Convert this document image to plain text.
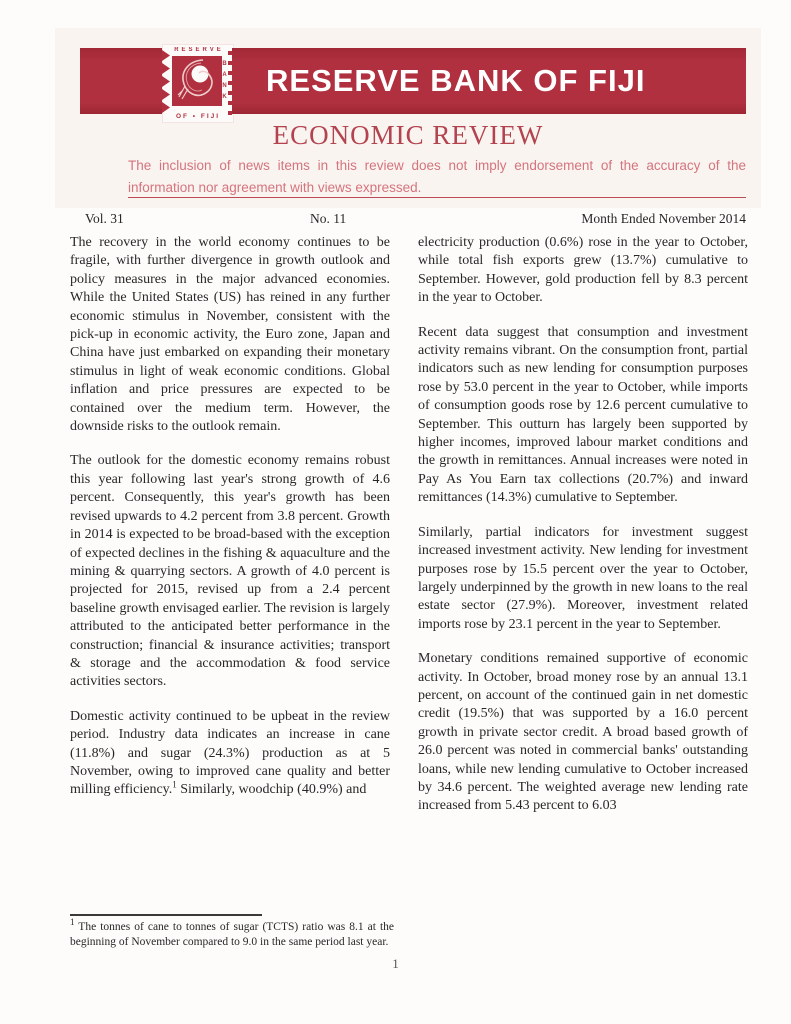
RESERVE
BANK
OF • FIJI
RESERVE BANK OF FIJI
ECONOMIC REVIEW
The inclusion of news items in this review does not imply endorsement of the accuracy of the information nor agreement with views expressed.
Vol. 31	No. 11	Month Ended November 2014

The recovery in the world economy continues to be fragile, with further divergence in growth outlook and policy measures in the major advanced economies. While the United States (US) has reined in any further economic stimulus in November, consistent with the pick-up in economic activity, the Euro zone, Japan and China have just embarked on expanding their monetary stimulus in light of weak economic conditions. Global inflation and price pressures are expected to be contained over the medium term. However, the downside risks to the outlook remain.

The outlook for the domestic economy remains robust this year following last year's strong growth of 4.6 percent. Consequently, this year's growth has been revised upwards to 4.2 percent from 3.8 percent. Growth in 2014 is expected to be broad-based with the exception of expected declines in the fishing & aquaculture and the mining & quarrying sectors. A growth of 4.0 percent is projected for 2015, revised up from a 2.4 percent baseline growth envisaged earlier. The revision is largely attributed to the anticipated better performance in the construction; financial & insurance activities; transport & storage and the accommodation & food service activities sectors.

Domestic activity continued to be upbeat in the review period. Industry data indicates an increase in cane (11.8%) and sugar (24.3%) production as at 5 November, owing to improved cane quality and better milling efficiency.$^1$ Similarly, woodchip (40.9%) and

electricity production (0.6%) rose in the year to October, while total fish exports grew (13.7%) cumulative to September. However, gold production fell by 8.3 percent in the year to October.

Recent data suggest that consumption and investment activity remains vibrant. On the consumption front, partial indicators such as new lending for consumption purposes rose by 53.0 percent in the year to October, while imports of consumption goods rose by 12.6 percent cumulative to September. This outturn has largely been supported by higher incomes, improved labour market conditions and the growth in remittances. Annual increases were noted in Pay As You Earn tax collections (20.7%) and inward remittances (14.3%) cumulative to September.

Similarly, partial indicators for investment suggest increased investment activity. New lending for investment purposes rose by 15.5 percent over the year to October, largely underpinned by the growth in new loans to the real estate sector (27.9%). Moreover, investment related imports rose by 23.1 percent in the year to September.

Monetary conditions remained supportive of economic activity. In October, broad money rose by an annual 13.1 percent, on account of the continued gain in net domestic credit (19.5%) that was supported by a 16.0 percent growth in private sector credit. A broad based growth of 26.0 percent was noted in commercial banks' outstanding loans, while new lending cumulative to October increased by 34.6 percent. The weighted average new lending rate increased from 5.43 percent to 6.03

$^1$ The tonnes of cane to tonnes of sugar (TCTS) ratio was 8.1 at the beginning of November compared to 9.0 in the same period last year.

1
